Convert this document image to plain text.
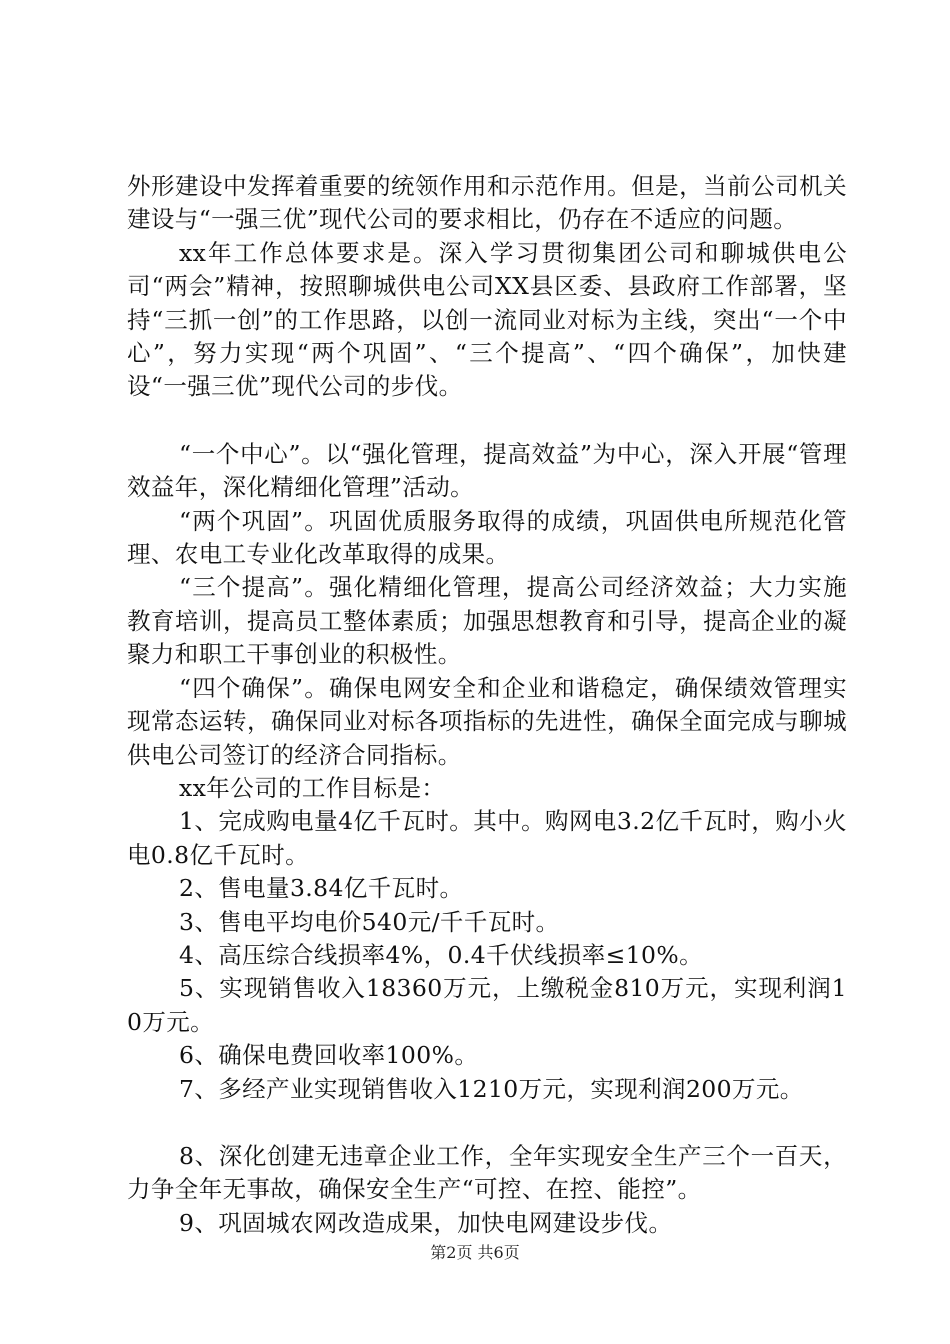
外形建设中发挥着重要的统领作用和示范作用。但是，当前公司机关建设与“一强三优”现代公司的要求相比，仍存在不适应的问题。

xx年工作总体要求是。深入学习贯彻集团公司和聊城供电公司“两会”精神，按照聊城供电公司XX县区委、县政府工作部署，坚持“三抓一创”的工作思路，以创一流同业对标为主线，突出“一个中心”，努力实现“两个巩固”、“三个提高”、“四个确保”，加快建设“一强三优”现代公司的步伐。

“一个中心”。以“强化管理，提高效益”为中心，深入开展“管理效益年，深化精细化管理”活动。

“两个巩固”。巩固优质服务取得的成绩，巩固供电所规范化管理、农电工专业化改革取得的成果。

“三个提高”。强化精细化管理，提高公司经济效益；大力实施教育培训，提高员工整体素质；加强思想教育和引导，提高企业的凝聚力和职工干事创业的积极性。

“四个确保”。确保电网安全和企业和谐稳定，确保绩效管理实现常态运转，确保同业对标各项指标的先进性，确保全面完成与聊城供电公司签订的经济合同指标。

xx年公司的工作目标是：

1、完成购电量4亿千瓦时。其中。购网电3.2亿千瓦时，购小火电0.8亿千瓦时。

2、售电量3.84亿千瓦时。

3、售电平均电价540元/千千瓦时。

4、高压综合线损率4%，0.4千伏线损率≤10%。

5、实现销售收入18360万元，上缴税金810万元，实现利润10万元。

6、确保电费回收率100%。

7、多经产业实现销售收入1210万元，实现利润200万元。

8、深化创建无违章企业工作，全年实现安全生产三个一百天，力争全年无事故，确保安全生产“可控、在控、能控”。

9、巩固城农网改造成果，加快电网建设步伐。

第2页 共6页
